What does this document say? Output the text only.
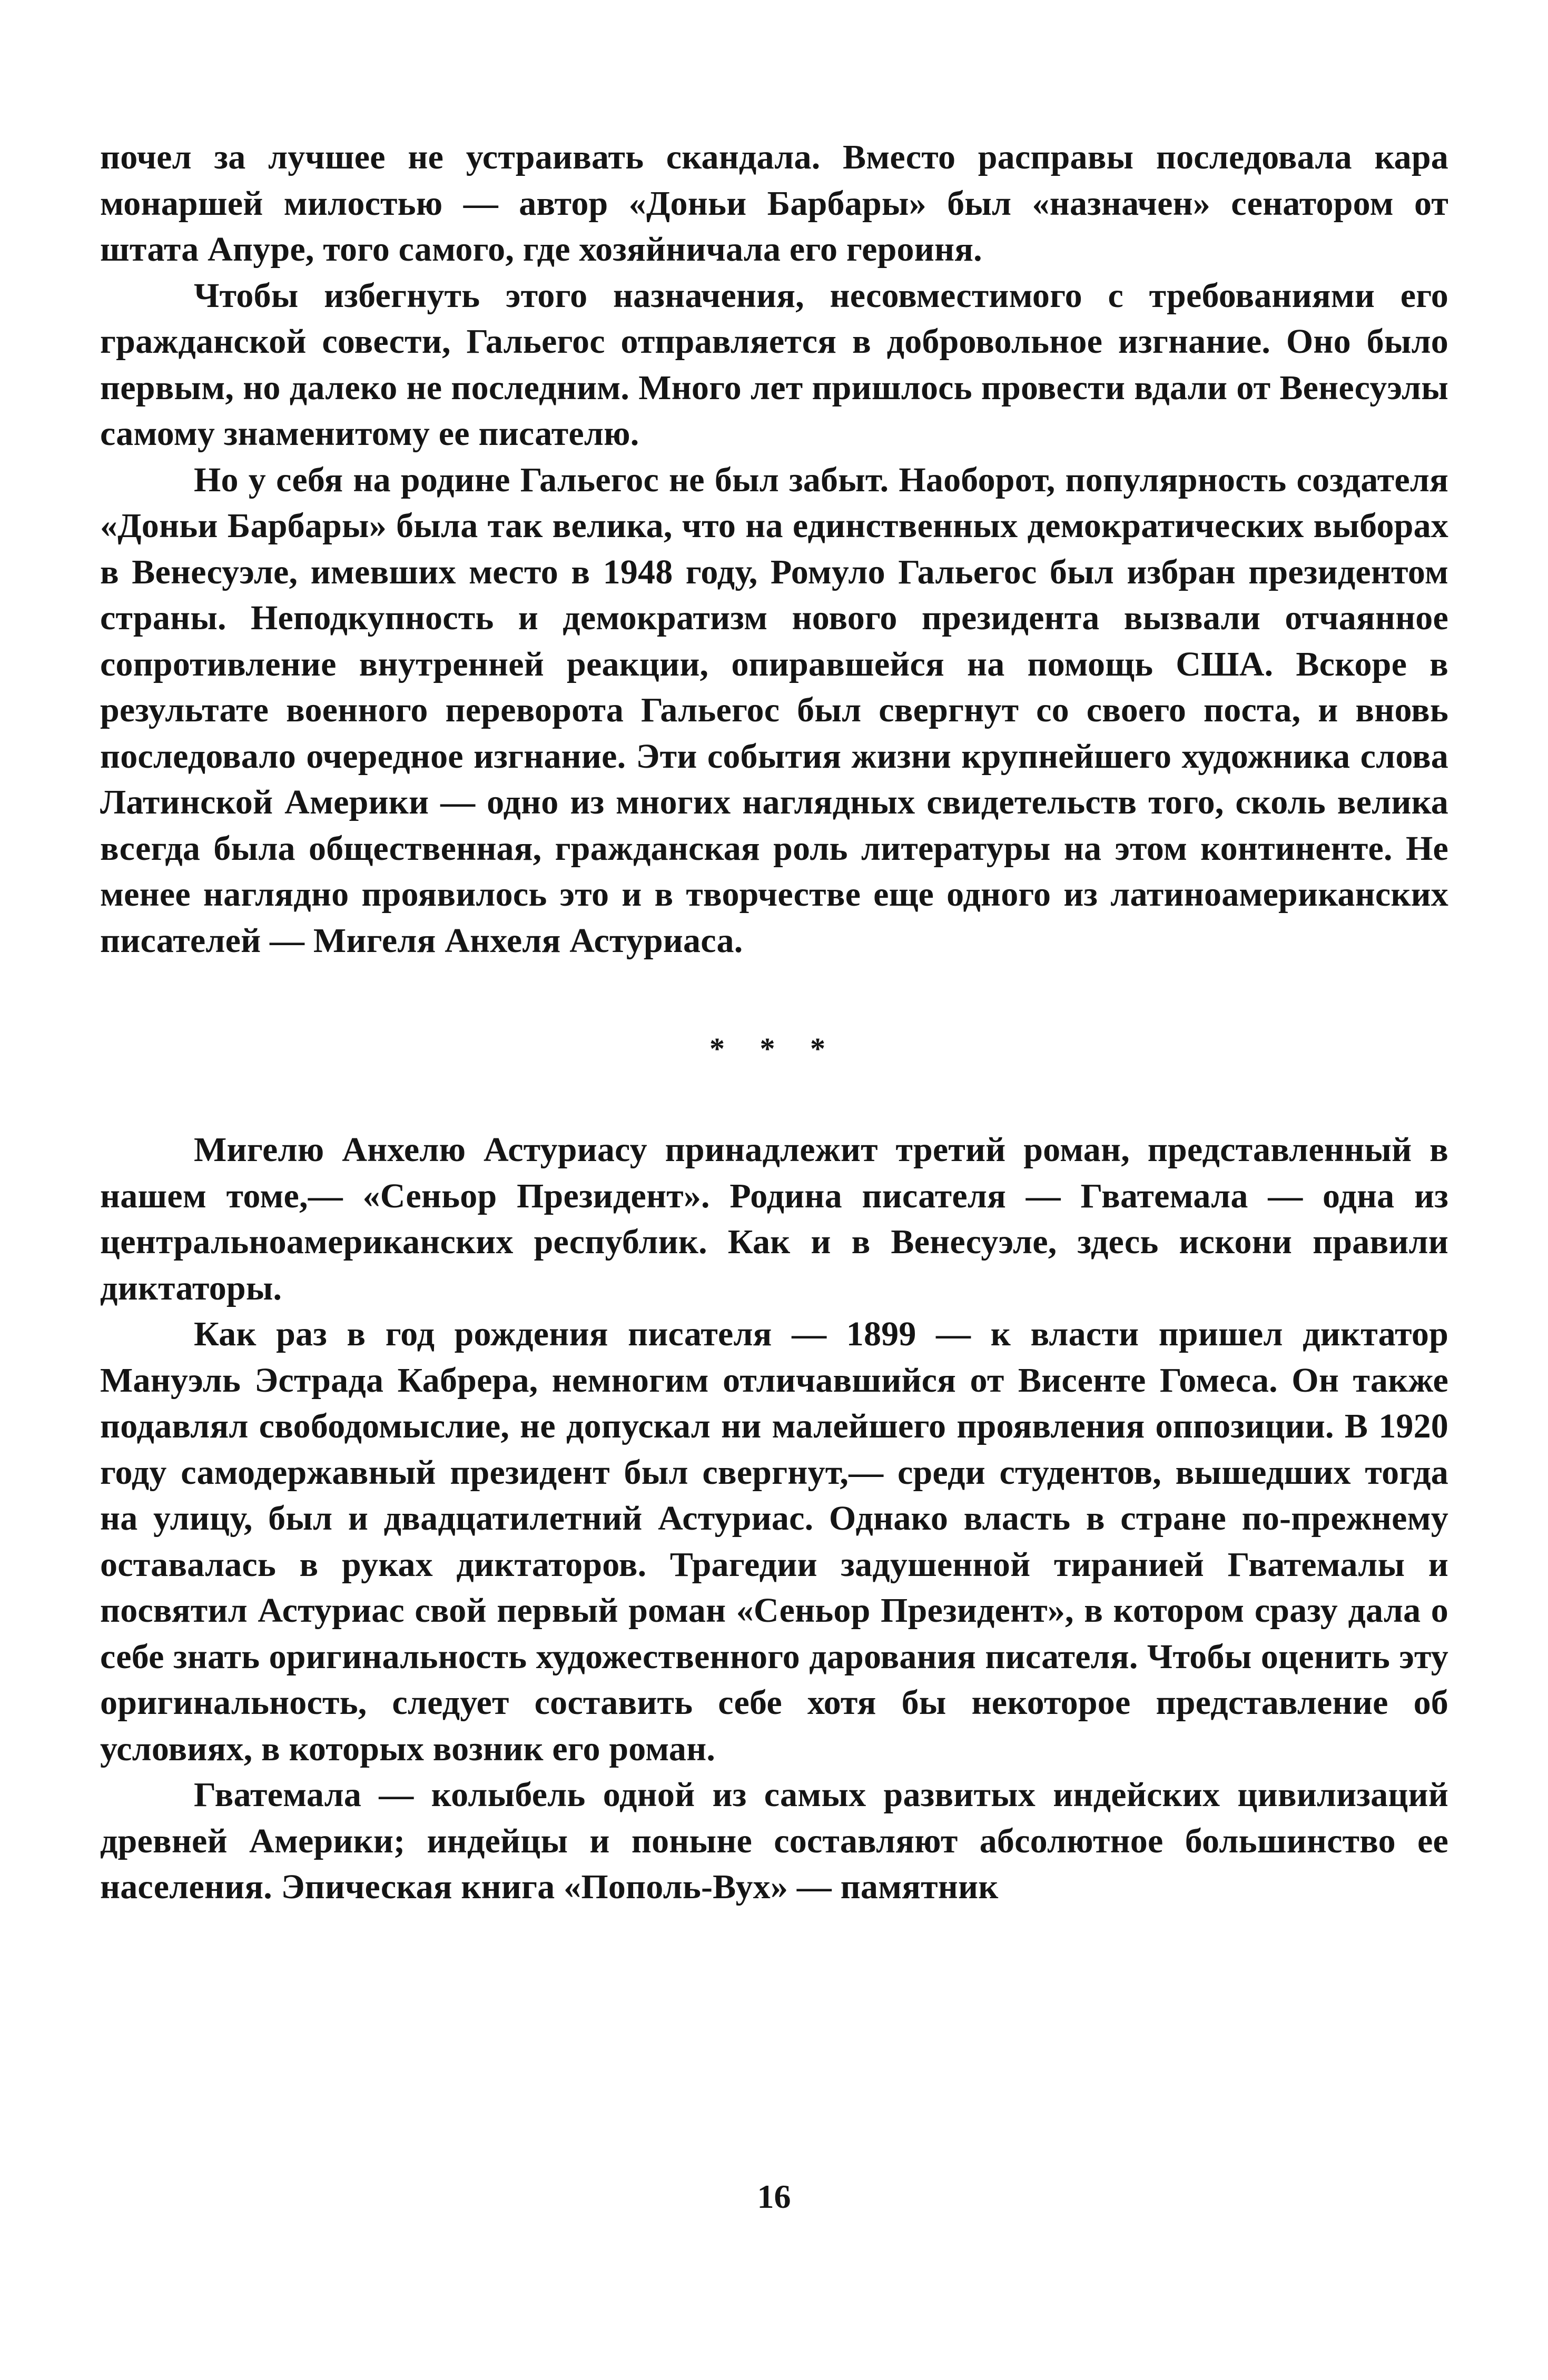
почел за лучшее не устраивать скандала. Вместо расправы последовала кара монаршей милостью — автор «Доньи Барбары» был «назначен» сенатором от штата Апуре, того самого, где хозяйничала его героиня.

Чтобы избегнуть этого назначения, несовместимого с требованиями его гражданской совести, Гальегос отправляется в добровольное изгнание. Оно было первым, но далеко не последним. Много лет пришлось провести вдали от Венесуэлы самому знаменитому ее писателю.

Но у себя на родине Гальегос не был забыт. Наоборот, популярность создателя «Доньи Барбары» была так велика, что на единственных демократических выборах в Венесуэле, имевших место в 1948 году, Ромуло Гальегос был избран президентом страны. Неподкупность и демократизм нового президента вызвали отчаянное сопротивление внутренней реакции, опиравшейся на помощь США. Вскоре в результате военного переворота Гальегос был свергнут со своего поста, и вновь последовало очередное изгнание. Эти события жизни крупнейшего художника слова Латинской Америки — одно из многих наглядных свидетельств того, сколь велика всегда была общественная, гражданская роль литературы на этом континенте. Не менее наглядно проявилось это и в творчестве еще одного из латиноамериканских писателей — Мигеля Анхеля Астуриаса.

* * *

Мигелю Анхелю Астуриасу принадлежит третий роман, представленный в нашем томе,— «Сеньор Президент». Родина писателя — Гватемала — одна из центральноамериканских республик. Как и в Венесуэле, здесь искони правили диктаторы.

Как раз в год рождения писателя — 1899 — к власти пришел диктатор Мануэль Эстрада Кабрера, немногим отличавшийся от Висенте Гомеса. Он также подавлял свободомыслие, не допускал ни малейшего проявления оппозиции. В 1920 году самодержавный президент был свергнут,— среди студентов, вышедших тогда на улицу, был и двадцатилетний Астуриас. Однако власть в стране по-прежнему оставалась в руках диктаторов. Трагедии задушенной тиранией Гватемалы и посвятил Астуриас свой первый роман «Сеньор Президент», в котором сразу дала о себе знать оригинальность художественного дарования писателя. Чтобы оценить эту оригинальность, следует составить себе хотя бы некоторое представление об условиях, в которых возник его роман.

Гватемала — колыбель одной из самых развитых индейских цивилизаций древней Америки; индейцы и поныне составляют абсолютное большинство ее населения. Эпическая книга «Пополь-Вух» — памятник

16
